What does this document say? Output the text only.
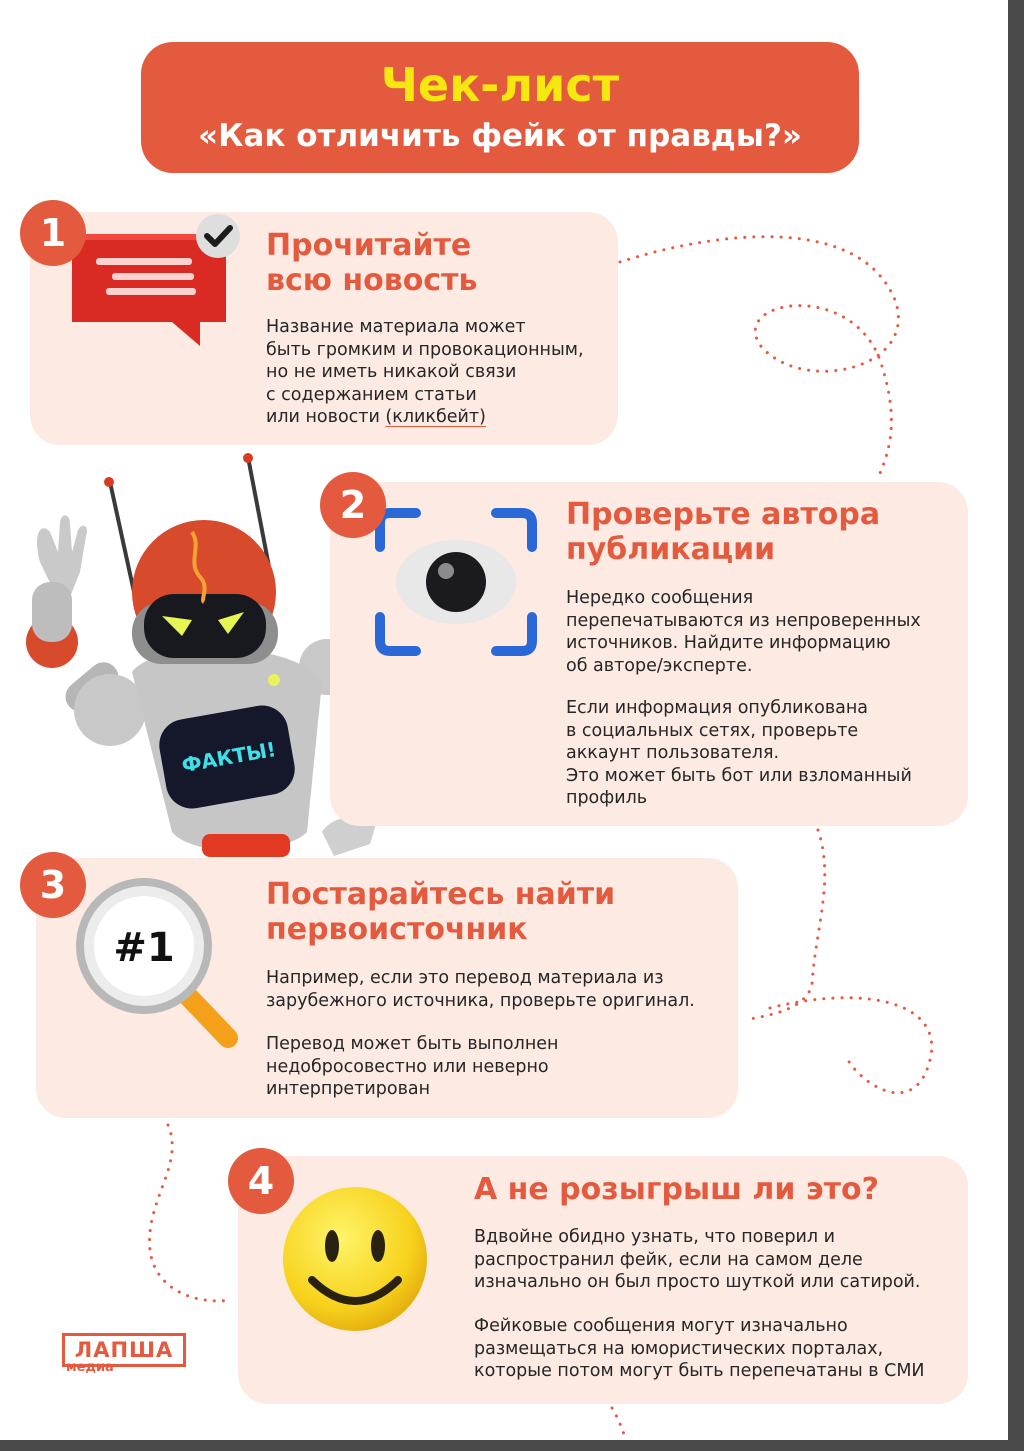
Чек-лист
«Как отличить фейк от правды?»
1	Прочитайте
всю новость

Название материала может
быть громким и провокационным,
но не иметь никакой связи
с содержанием статьи
или новости (кликбейт)

ФАКТЫ!
2	Проверьте автора
публикации

Нередко сообщения
перепечатываются из непроверенных
источников. Найдите информацию
об авторе/эксперте.

Если информация опубликована
в социальных сетях, проверьте
аккаунт пользователя.
Это может быть бот или взломанный
профиль

#1
3	Постарайтесь найти
первоисточник

Например, если это перевод материала из
зарубежного источника, проверьте оригинал.

Перевод может быть выполнен
недобросовестно или неверно
интерпретирован

4	А не розыгрыш ли это?

Вдвойне обидно узнать, что поверил и
распространил фейк, если на самом деле
изначально он был просто шуткой или сатирой.

Фейковые сообщения могут изначально
размещаться на юмористических порталах,
которые потом могут быть перепечатаны в СМИ

ЛАПША
медиа
